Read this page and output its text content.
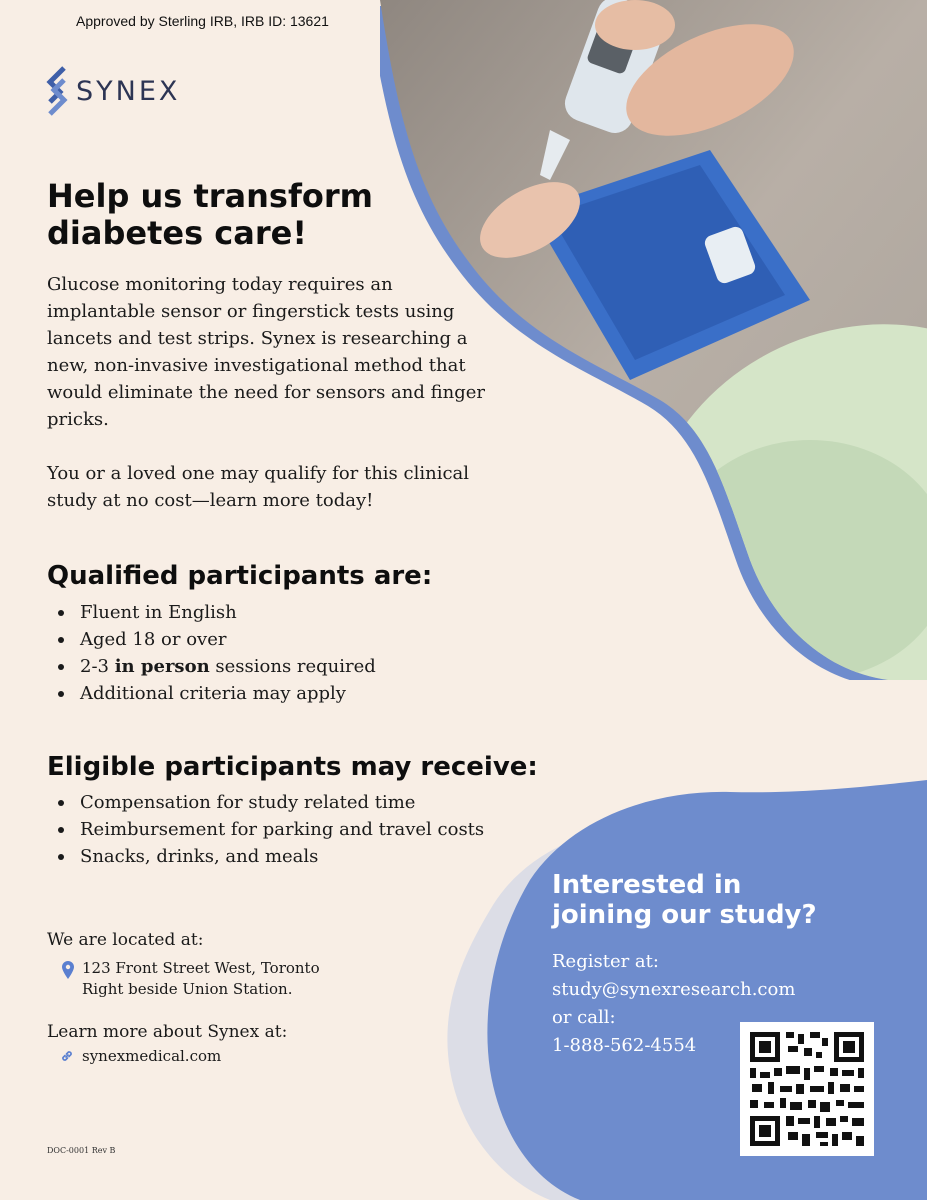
Approved by Sterling IRB, IRB ID: 13621
SYNEX
Help us transform
diabetes care!
Glucose monitoring today requires an implantable sensor or fingerstick tests using lancets and test strips. Synex is researching a new, non-invasive investigational method that would eliminate the need for sensors and finger pricks.
You or a loved one may qualify for this clinical study at no cost—learn more today!
Qualified participants are:
Fluent in English
Aged 18 or over
2-3 in person sessions required
Additional criteria may apply
Eligible participants may receive:
Compensation for study related time
Reimbursement for parking and travel costs
Snacks, drinks, and meals
We are located at:
123 Front Street West, Toronto
Right beside Union Station.
Learn more about Synex at:
synexmedical.com
DOC-0001 Rev B
Interested in
joining our study?
Register at:
study@synexresearch.com
or call:
1-888-562-4554
